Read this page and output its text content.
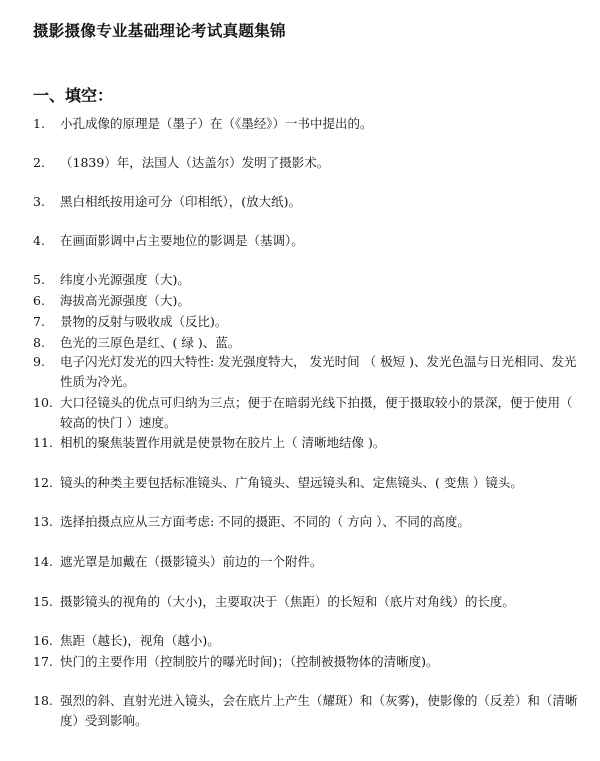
摄影摄像专业基础理论考试真题集锦
一、填空：
1.	小孔成像的原理是（墨子）在（《墨经》）一书中提出的。
2.	（1839）年，法国人（达盖尔）发明了摄影术。
3.	黑白相纸按用途可分（印相纸），(放大纸)。
4.	在画面影调中占主要地位的影调是（基调）。
5.	纬度小光源强度（大)。
6.	海拔高光源强度（大)。
7.	景物的反射与吸收成（反比)。
8.	色光的三原色是红、( 绿 )、蓝。
9.	电子闪光灯发光的四大特性: 发光强度特大， 发光时间 （ 极短 )、发光色温与日光相同、发光性质为冷光。
10. 大口径镜头的优点可归纳为三点；便于在暗弱光线下拍摄，便于摄取较小的景深，便于使用（ 较高的快门 ）速度。
11. 相机的聚焦装置作用就是使景物在胶片上（ 清晰地结像 )。
12. 镜头的种类主要包括标准镜头、广角镜头、望远镜头和、定焦镜头、( 变焦 ）镜头。
13. 选择拍摄点应从三方面考虑: 不同的摄距、不同的（ 方向 ）、不同的高度。
14. 遮光罩是加戴在（摄影镜头）前边的一个附件。
15. 摄影镜头的视角的（大小)，主要取决于（焦距）的长短和（底片对角线）的长度。
16. 焦距（越长)，视角（越小)。
17. 快门的主要作用（控制胶片的曝光时间)；（控制被摄物体的清晰度)。
18. 强烈的斜、直射光进入镜头，会在底片上产生（耀斑）和（灰雾)，使影像的（反差）和（清晰度）受到影响。
